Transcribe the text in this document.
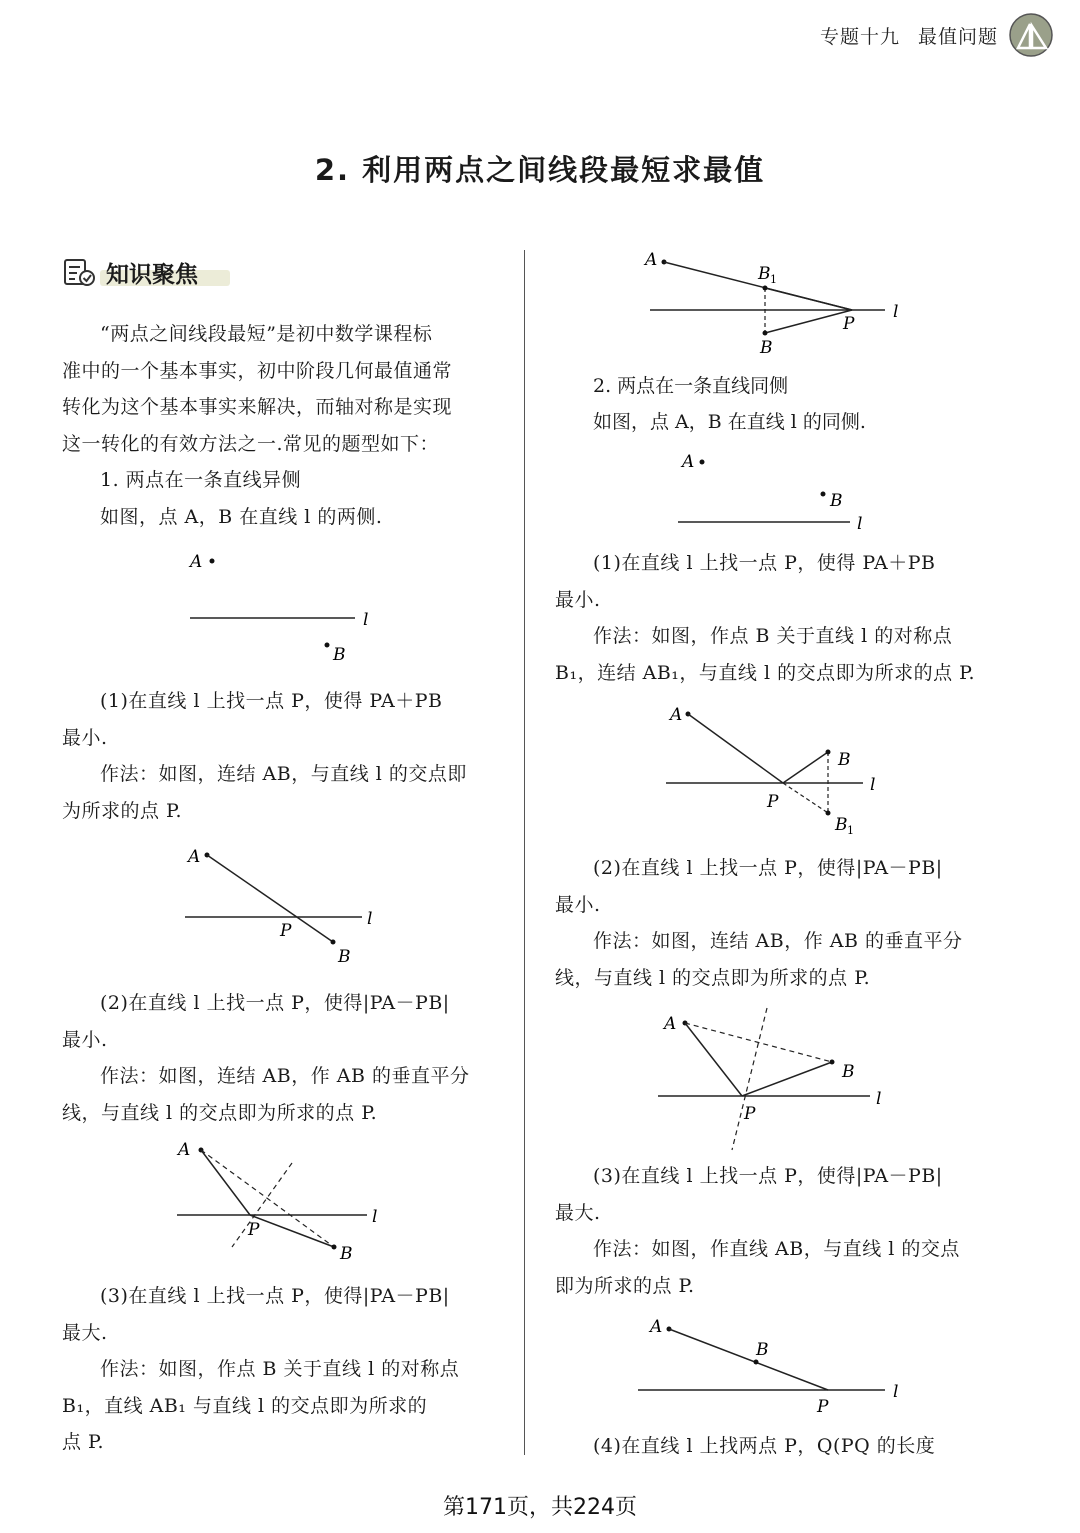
专题十九 最值问题
2. 利用两点之间线段最短求最值
知识聚焦
“两点之间线段最短”是初中数学课程标
准中的一个基本事实，初中阶段几何最值通常
转化为这个基本事实来解决，而轴对称是实现
这一转化的有效方法之一.常见的题型如下：
1. 两点在一条直线异侧
如图，点 A，B 在直线 l 的两侧.
A
l
B
(1)在直线 l 上找一点 P，使得 PA＋PB
最小.
作法：如图，连结 AB，与直线 l 的交点即
为所求的点 P.
A
l
P
B
(2)在直线 l 上找一点 P，使得|PA－PB|
最小.
作法：如图，连结 AB，作 AB 的垂直平分
线，与直线 l 的交点即为所求的点 P.
A
l
P
B
(3)在直线 l 上找一点 P，使得|PA－PB|
最大.
作法：如图，作点 B 关于直线 l 的对称点
B₁，直线 AB₁ 与直线 l 的交点即为所求的
点 P.
A
l
B 1
P
B
2. 两点在一条直线同侧
如图，点 A，B 在直线 l 的同侧.
A
B
l
(1)在直线 l 上找一点 P，使得 PA＋PB
最小.
作法：如图，作点 B 关于直线 l 的对称点
B₁，连结 AB₁，与直线 l 的交点即为所求的点 P.
A
l
B
P
B 1
(2)在直线 l 上找一点 P，使得|PA－PB|
最小.
作法：如图，连结 AB，作 AB 的垂直平分
线，与直线 l 的交点即为所求的点 P.
A
l
B
P
(3)在直线 l 上找一点 P，使得|PA－PB|
最大.
作法：如图，作直线 AB，与直线 l 的交点
即为所求的点 P.
A
l
B
P
(4)在直线 l 上找两点 P，Q(PQ 的长度
第171页，共224页
